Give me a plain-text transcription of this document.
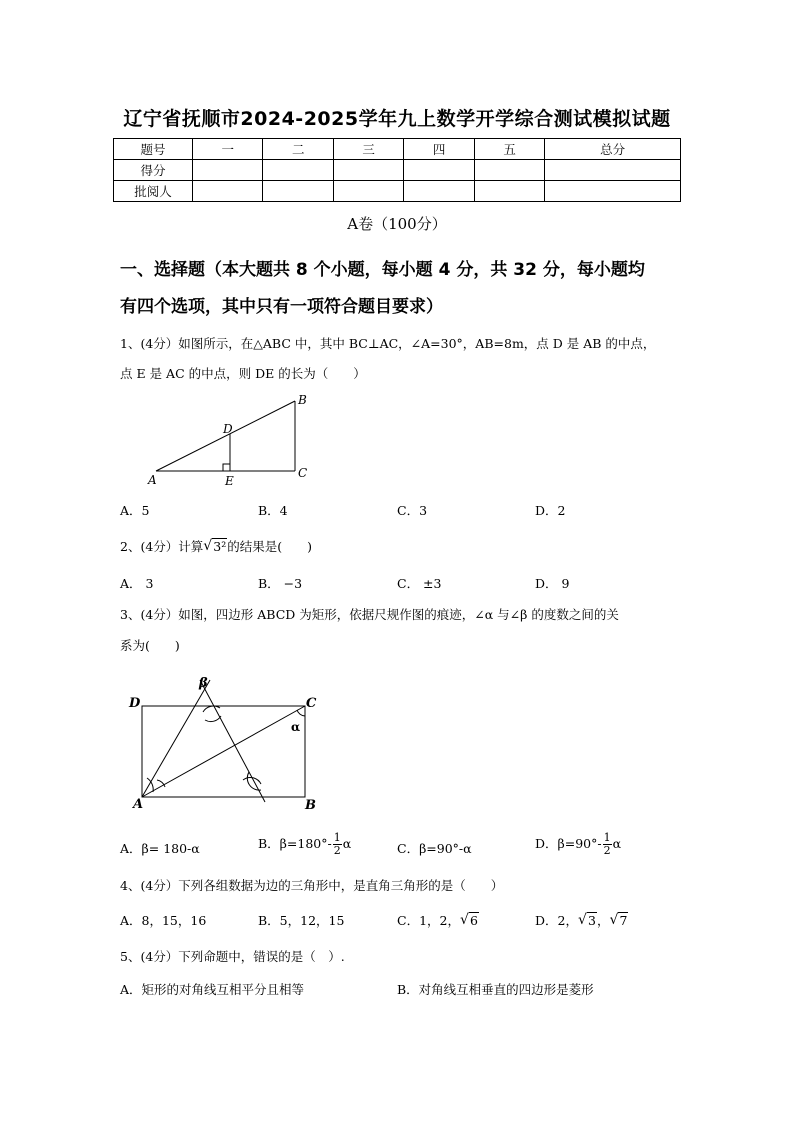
辽宁省抚顺市2024-2025学年九上数学开学综合测试模拟试题
题号	一	二	三	四	五	总分
得分						
批阅人						
A卷（100分）
一、选择题（本大题共 8 个小题，每小题 4 分，共 32 分，每小题均
有四个选项，其中只有一项符合题目要求）
1、(4分）如图所示，在△ABC 中，其中 BC⊥AC，∠A=30°，AB=8m，点 D 是 AB 的中点，
点 E 是 AC 的中点，则 DE 的长为（　　）
A
B
C
D
E
A．5	B．4	C．3	D．2
2、(4分）计算 √ 3²的结果是(　　)
A． 3	B． −3	C． ±3	D． 9
3、(4分）如图，四边形 ABCD 为矩形，依据尺规作图的痕迹，∠α 与∠β 的度数之间的关
系为(　　)
A	B
C
D
α
β
A．β= 180-α	B．$\beta=180^\circ- \frac{1}{2}$ α	C．β=90°-α	D．$\beta=90^\circ- \frac{1}{2}$ α
4、(4分）下列各组数据为边的三角形中，是直角三角形的是（　　）
A．8，15，16	B．5，12，15	C．1，2， √ 6	D．2， √ 3， √ 7
5、(4分）下列命题中，错误的是（　）.
A．矩形的对角线互相平分且相等	B．对角线互相垂直的四边形是菱形
